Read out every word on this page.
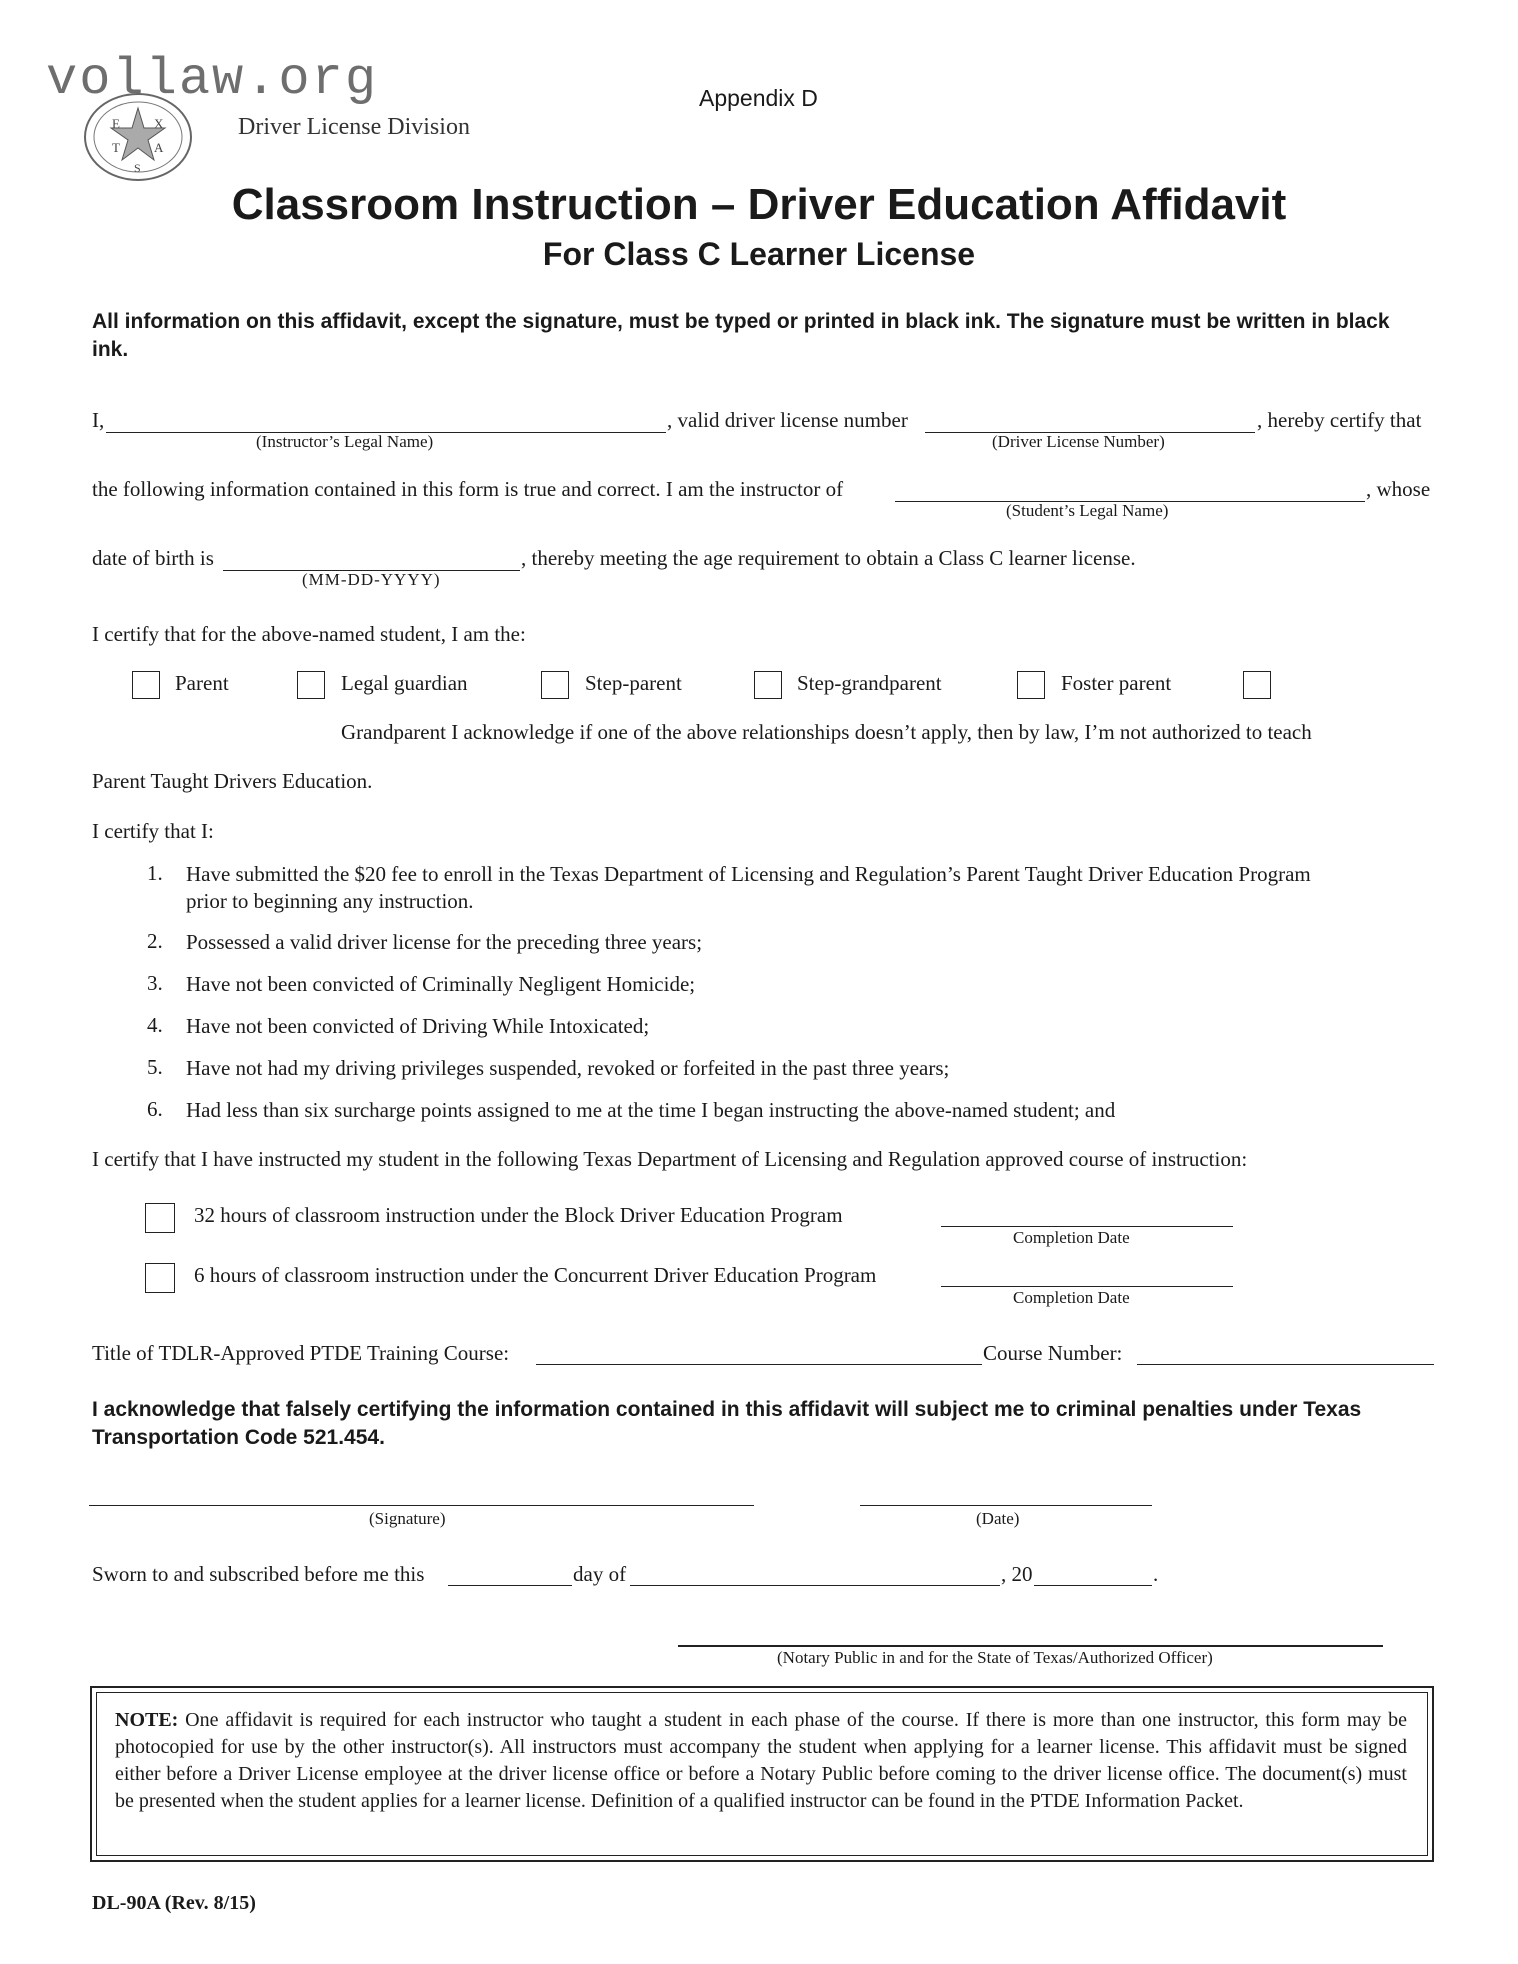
E	X
T	A
S
vollaw.org
Driver License Division
Appendix D
Classroom Instruction – Driver Education Affidavit
For Class C Learner License
All information on this affidavit, except the signature, must be typed or printed in black ink. The signature must be written in black ink.
I,	, valid driver license number	, hereby certify that
(Instructor’s Legal Name)	(Driver License Number)
the following information contained in this form is true and correct. I am the instructor of	, whose
(Student’s Legal Name)
date of birth is	, thereby meeting the age requirement to obtain a Class C learner license.
(MM-DD-YYYY)
I certify that for the above-named student, I am the:
Parent	Legal guardian	Step-parent	Step-grandparent	Foster parent
Grandparent I acknowledge if one of the above relationships doesn’t apply, then by law, I’m not authorized to teach
Parent Taught Drivers Education.
I certify that I:
1. Have submitted the $20 fee to enroll in the Texas Department of Licensing and Regulation’s Parent Taught Driver Education Program prior to beginning any instruction.
2. Possessed a valid driver license for the preceding three years;
3. Have not been convicted of Criminally Negligent Homicide;
4. Have not been convicted of Driving While Intoxicated;
5. Have not had my driving privileges suspended, revoked or forfeited in the past three years;
6. Had less than six surcharge points assigned to me at the time I began instructing the above-named student; and
I certify that I have instructed my student in the following Texas Department of Licensing and Regulation approved course of instruction:
32 hours of classroom instruction under the Block Driver Education Program
Completion Date
6 hours of classroom instruction under the Concurrent Driver Education Program
Completion Date
Title of TDLR-Approved PTDE Training Course:	Course Number:
I acknowledge that falsely certifying the information contained in this affidavit will subject me to criminal penalties under Texas Transportation Code 521.454.
(Signature)	(Date)
Sworn to and subscribed before me this	day of	, 20	.
(Notary Public in and for the State of Texas/Authorized Officer)
NOTE: One affidavit is required for each instructor who taught a student in each phase of the course. If there is more than one instructor, this form may be photocopied for use by the other instructor(s). All instructors must accompany the student when applying for a learner license. This affidavit must be signed either before a Driver License employee at the driver license office or before a Notary Public before coming to the driver license office. The document(s) must be presented when the student applies for a learner license. Definition of a qualified instructor can be found in the PTDE Information Packet.
DL-90A (Rev. 8/15)
